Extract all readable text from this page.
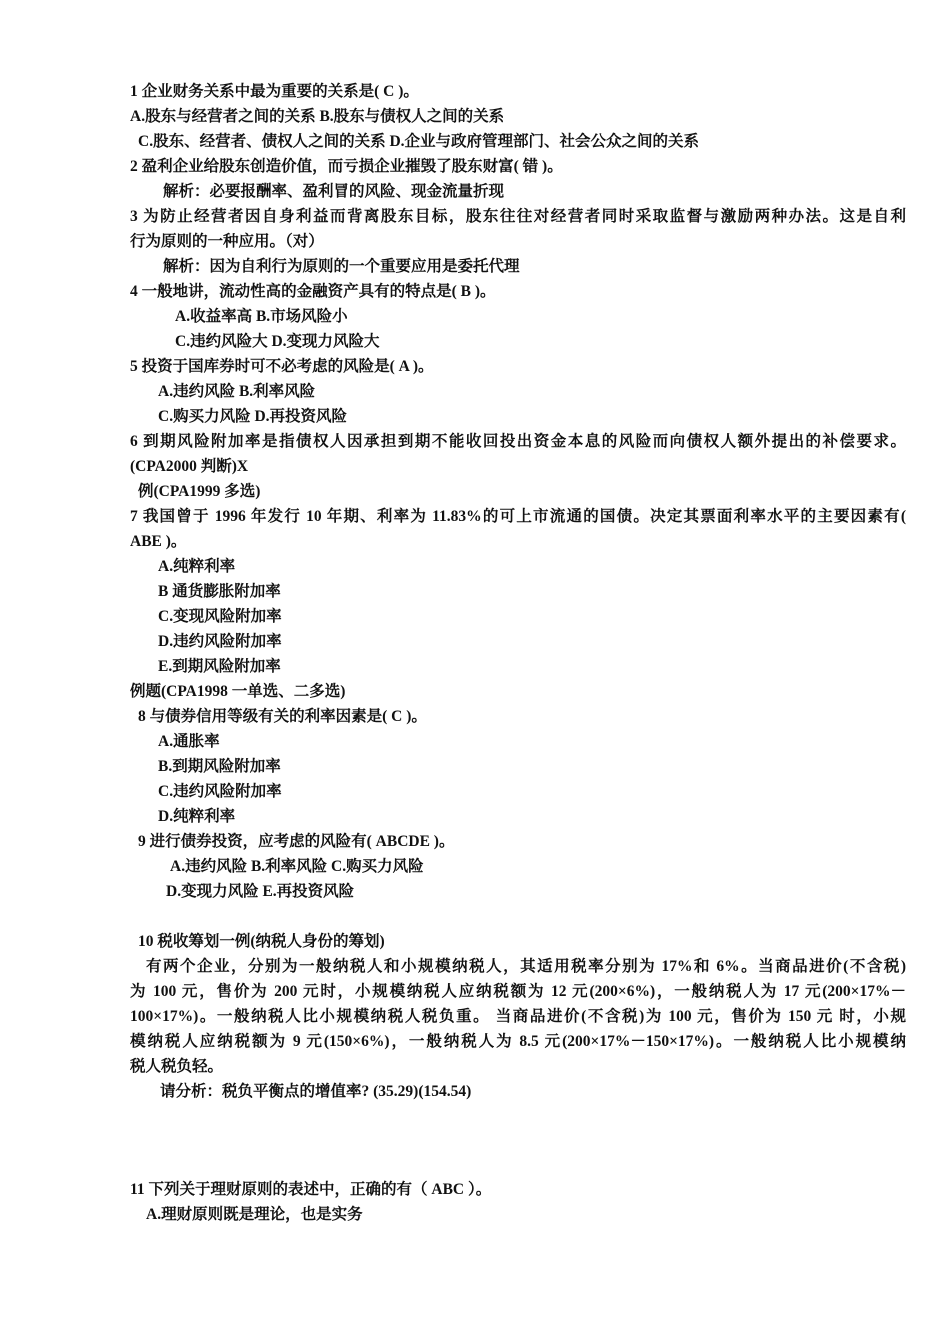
1 企业财务关系中最为重要的关系是( C )。
A.股东与经营者之间的关系 B.股东与债权人之间的关系
C.股东、经营者、债权人之间的关系 D.企业与政府管理部门、社会公众之间的关系
2 盈利企业给股东创造价值，而亏损企业摧毁了股东财富( 错 )。
解析：必要报酬率、盈利冒的风险、现金流量折现
3 为防止经营者因自身利益而背离股东目标，股东往往对经营者同时采取监督与激励两种办法。这是自利
行为原则的一种应用。（对）
解析：因为自利行为原则的一个重要应用是委托代理
4 一般地讲，流动性高的金融资产具有的特点是( B )。
A.收益率高 B.市场风险小
C.违约风险大 D.变现力风险大
5 投资于国库券时可不必考虑的风险是( A )。
A.违约风险 B.利率风险
C.购买力风险 D.再投资风险
6 到期风险附加率是指债权人因承担到期不能收回投出资金本息的风险而向债权人额外提出的补偿要求。
(CPA2000 判断)X
例(CPA1999 多选)
7 我国曾于 1996 年发行 10 年期、利率为 11.83%的可上市流通的国债。决定其票面利率水平的主要因素有(
ABE )。
A.纯粹利率
B 通货膨胀附加率
C.变现风险附加率
D.违约风险附加率
E.到期风险附加率
例题(CPA1998 一单选、二多选)
8 与债券信用等级有关的利率因素是( C )。
A.通胀率
B.到期风险附加率
C.违约风险附加率
D.纯粹利率
9 进行债券投资，应考虑的风险有( ABCDE )。
A.违约风险 B.利率风险 C.购买力风险
D.变现力风险 E.再投资风险
10 税收筹划一例(纳税人身份的筹划)
有两个企业，分别为一般纳税人和小规模纳税人，其适用税率分别为 17%和 6%。当商品进价(不含税)
为 100 元，售价为 200 元时，小规模纳税人应纳税额为 12 元(200×6%)，一般纳税人为 17 元(200×17%－
100×17%)。一般纳税人比小规模纳税人税负重。 当商品进价(不含税)为 100 元，售价为 150 元 时，小规
模纳税人应纳税额为 9 元(150×6%)，一般纳税人为 8.5 元(200×17%－150×17%)。一般纳税人比小规模纳
税人税负轻。
请分析：税负平衡点的增值率? (35.29)(154.54)
11 下列关于理财原则的表述中，正确的有（ ABC ）。
A.理财原则既是理论，也是实务
